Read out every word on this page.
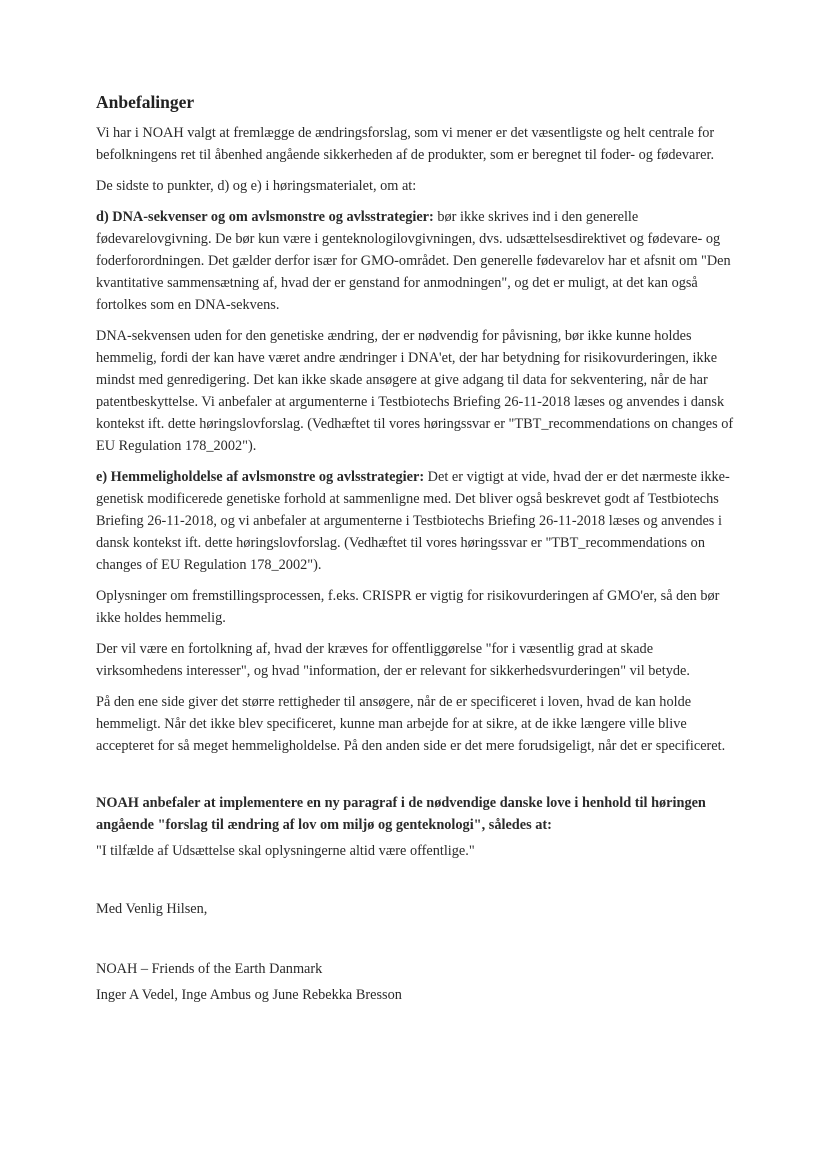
Anbefalinger

Vi har i NOAH valgt at fremlægge de ændringsforslag, som vi mener er det væsentligste og helt centrale for befolkningens ret til åbenhed angående sikkerheden af de produkter, som er beregnet til foder- og fødevarer.

De sidste to punkter, d) og e) i høringsmaterialet, om at:

d) DNA-sekvenser og om avlsmonstre og avlsstrategier: bør ikke skrives ind i den generelle fødevarelovgivning. De bør kun være i genteknologilovgivningen, dvs. udsættelsesdirektivet og fødevare- og foderforordningen. Det gælder derfor især for GMO-området. Den generelle fødevarelov har et afsnit om "Den kvantitative sammensætning af, hvad der er genstand for anmodningen", og det er muligt, at det kan også fortolkes som en DNA-sekvens.

DNA-sekvensen uden for den genetiske ændring, der er nødvendig for påvisning, bør ikke kunne holdes hemmelig, fordi der kan have været andre ændringer i DNA'et, der har betydning for risikovurderingen, ikke mindst med genredigering. Det kan ikke skade ansøgere at give adgang til data for sekventering, når de har patentbeskyttelse. Vi anbefaler at argumenterne i Testbiotechs Briefing 26-11-2018 læses og anvendes i dansk kontekst ift. dette høringslovforslag. (Vedhæftet til vores høringssvar er "TBT_recommendations on changes of EU Regulation 178_2002").

e) Hemmeligholdelse af avlsmonstre og avlsstrategier: Det er vigtigt at vide, hvad der er det nærmeste ikke-genetisk modificerede genetiske forhold at sammenligne med. Det bliver også beskrevet godt af Testbiotechs Briefing 26-11-2018, og vi anbefaler at argumenterne i Testbiotechs Briefing 26-11-2018 læses og anvendes i dansk kontekst ift. dette høringslovforslag. (Vedhæftet til vores høringssvar er "TBT_recommendations on changes of EU Regulation 178_2002").

Oplysninger om fremstillingsprocessen, f.eks. CRISPR er vigtig for risikovurderingen af GMO'er, så den bør ikke holdes hemmelig.

Der vil være en fortolkning af, hvad der kræves for offentliggørelse "for i væsentlig grad at skade virksomhedens interesser", og hvad "information, der er relevant for sikkerhedsvurderingen" vil betyde.

På den ene side giver det større rettigheder til ansøgere, når de er specificeret i loven, hvad de kan holde hemmeligt. Når det ikke blev specificeret, kunne man arbejde for at sikre, at de ikke længere ville blive accepteret for så meget hemmeligholdelse. På den anden side er det mere forudsigeligt, når det er specificeret.

NOAH anbefaler at implementere en ny paragraf i de nødvendige danske love i henhold til høringen angående "forslag til ændring af lov om miljø og genteknologi", således at:

"I tilfælde af Udsættelse skal oplysningerne altid være offentlige."

Med Venlig Hilsen,

NOAH – Friends of the Earth Danmark

Inger A Vedel, Inge Ambus og June Rebekka Bresson
